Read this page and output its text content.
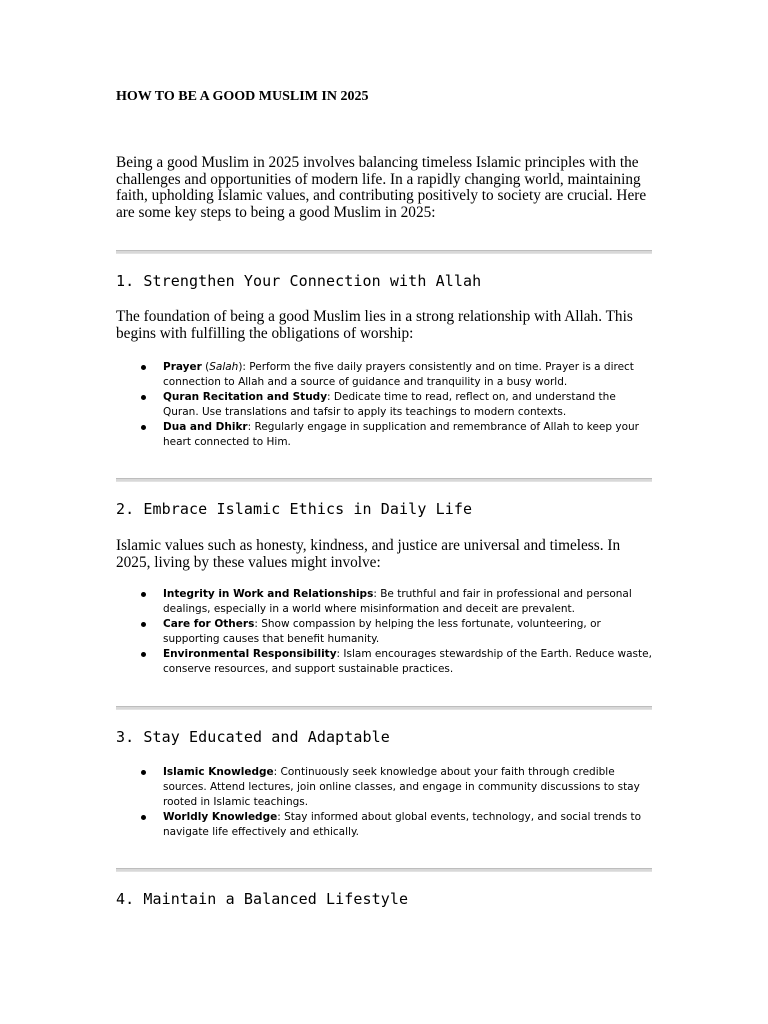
HOW TO BE A GOOD MUSLIM IN 2025
Being a good Muslim in 2025 involves balancing timeless Islamic principles with the challenges and opportunities of modern life. In a rapidly changing world, maintaining faith, upholding Islamic values, and contributing positively to society are crucial. Here are some key steps to being a good Muslim in 2025:
1. Strengthen Your Connection with Allah
The foundation of being a good Muslim lies in a strong relationship with Allah. This begins with fulfilling the obligations of worship:
Prayer (Salah): Perform the five daily prayers consistently and on time. Prayer is a direct connection to Allah and a source of guidance and tranquility in a busy world.
Quran Recitation and Study: Dedicate time to read, reflect on, and understand the Quran. Use translations and tafsir to apply its teachings to modern contexts.
Dua and Dhikr: Regularly engage in supplication and remembrance of Allah to keep your heart connected to Him.
2. Embrace Islamic Ethics in Daily Life
Islamic values such as honesty, kindness, and justice are universal and timeless. In 2025, living by these values might involve:
Integrity in Work and Relationships: Be truthful and fair in professional and personal dealings, especially in a world where misinformation and deceit are prevalent.
Care for Others: Show compassion by helping the less fortunate, volunteering, or supporting causes that benefit humanity.
Environmental Responsibility: Islam encourages stewardship of the Earth. Reduce waste, conserve resources, and support sustainable practices.
3. Stay Educated and Adaptable
Islamic Knowledge: Continuously seek knowledge about your faith through credible sources. Attend lectures, join online classes, and engage in community discussions to stay rooted in Islamic teachings.
Worldly Knowledge: Stay informed about global events, technology, and social trends to navigate life effectively and ethically.
4. Maintain a Balanced Lifestyle
